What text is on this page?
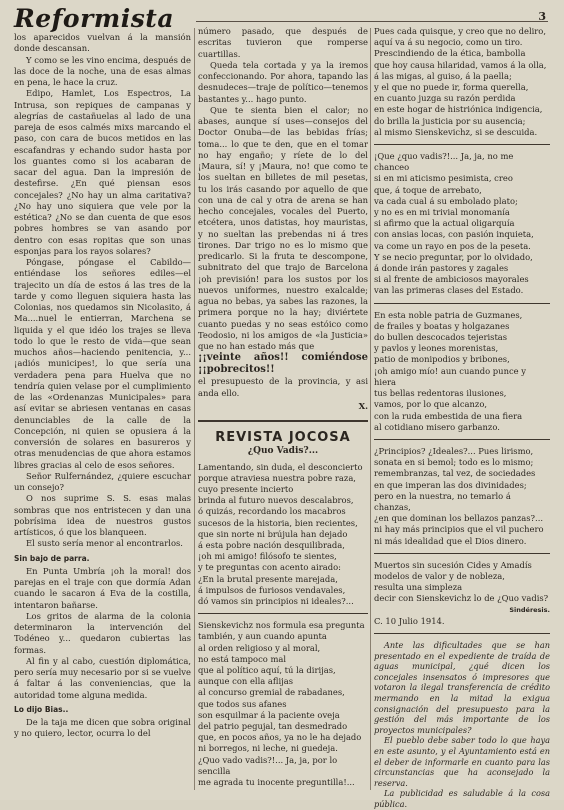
Reformista	3

los aparecidos vuelvan á la mansión donde descansan.

Y como se les vino encima, después de las doce de la noche, una de esas almas en pena, le hace la cruz.

Edipo, Hamlet, Los Espectros, La Intrusa, son repiques de campanas y alegrías de castañuelas al lado de una pareja de esos calmés mixs marcando el paso, con cara de bucos metidos en las escafandras y echando sudor hasta por los guantes como si los acabaran de sacar del agua. Dan la impresión de destefirse. ¿En qué piensan esos concejales? ¿No hay un alma caritativa? ¿No hay uno siquiera que vele por la estética? ¿No se dan cuenta de que esos pobres hombres se van asando por dentro con esas ropitas que son unas esponjas para los rayos solares?

Póngase, póngase el Cabildo—entiéndase los señores ediles—el trajecito un día de estos á las tres de la tarde y como lleguen siquiera hasta las Colonias, nos quedamos sin Nicolasito, á Ma....nuel le entierran, Marchena se liquida y el que idéo los trajes se lleva todo lo que le resto de vida—que sean muchos años—haciendo penitencia, y... ¡adiós municipes!, lo que sería una verdadera pena para Huelva que no tendría quien velase por el cumplimiento de las «Ordenanzas Municipales» para así evitar se abriesen ventanas en casas denunciables de la calle de la Concepción, ni quien se opusiera á la conversión de solares en basureros y otras menudencias de que ahora estamos libres gracias al celo de esos señores.

Señor Rulfernández, ¿quiere escuchar un consejo?

O nos suprime S. S. esas malas sombras que nos entristecen y dan una pobrísima idea de nuestros gustos artísticos, ó que los blanqueen.

El susto sería menor al encontrarlos.

Sin bajo de parra.

En Punta Umbría ¡oh la moral! dos parejas en el traje con que dormía Adan cuando le sacaron á Eva de la costilla, intentaron bañarse.

Los gritos de alarma de la colonia determinaron la intervención del Todéneo y... quedaron cubiertas las formas.

Al fin y al cabo, cuestión diplomática, pero sería muy necesario por si se vuelve á faltar á las conveniencias, que la autoridad tome alguna medida.

Lo dijo Bias..

De la taja me dicen que sobra original y no quiero, lector, ocurra lo del

número pasado, que después de escritas tuvieron que romperse cuartillas.

Queda tela cortada y ya la iremos confeccionando. Por ahora, tapando las desnudeces—traje de político—tenemos bastantes y... hago punto.

Que te sienta bien el calor; no abases, aunque sí uses—consejos del Doctor Onuba—de las bebidas frías; toma... lo que te den, que en el tomar no hay engaño; y ríete de lo del ¡Maura, sí! y ¡Maura, no! que como te los sueltan en billetes de mil pesetas, tu los irás casando por aquello de que con una de cal y otra de arena se han hecho concejales, vocales del Puerto, etcétera, unos datistas, hoy mauristas, y no sueltan las prebendas ni á tres tirones. Dar trigo no es lo mismo que predicarlo. Si la fruta te descompone, subnitrato del que trajo de Barcelona ¡oh previsión! para los sustos por los nuevos uniformes, nuestro exalcalde; agua no bebas, ya sabes las razones, la primera porque no la hay; diviértete cuanto puedas y no seas estóico como Teodosio, ni los amigos de «la Justicia» que no han estado más que

¡¡veinte años!! comiéndose ¡¡pobrecitos!!

el presupuesto de la provincia, y asi anda ello.

X.
REVISTA JOCOSA
¿Quo Vadis?...
Lamentando, sin duda, el desconcierto
porque atraviesa nuestra pobre raza,
cuyo presente incierto
brinda al futuro nuevos descalabros,
ó quizás, recordando los macabros
sucesos de la historia, bien recientes,
que sin norte ni brújula han dejado
á esta pobre nación desquilibrada,
¡oh mi amigo! filósofo te sientes,
y te preguntas con acento airado:
¿En la brutal presente marejada,
á impulsos de furiosos vendavales,
dó vamos sin principios ni ideales?...
Sienskevichz nos formula esa pregunta
también, y aun cuando apunta
al orden religioso y al moral,
no está tampoco mal
que al político aquí, tú la dirijas,
aunque con ella aflijas
al concurso gremial de rabadanes,
que todos sus afanes
son esquilmar á la paciente oveja
del patrio pegujal, tan desmedrado
que, en pocos años, ya no le ha dejado
ni borregos, ni leche, ni guedeja.
¿Quo vado vadis?!... Ja, ja, por lo sencilla
me agrada tu inocente preguntilla!...
Pues cada quisque, y creo que no deliro,
aquí va á su negocio, como un tiro.
Prescindiendo de la ética, bambolla
que hoy causa hilaridad, vamos á la olla,
á las migas, al guiso, á la paella;
y el que no puede ir, forma querella,
en cuanto juzga su razón perdida
en este hogar de histriónica indigencia,
do brilla la justicia por su ausencia;
al mismo Sienskevichz, si se descuida.
¡Que ¿quo vadis?!... Ja, ja, no me chanceo
si en mi aticismo pesimista, creo
que, á toque de arrebato,
va cada cual á su embolado plato;
y no es en mi trivial monomanía
si afirmo que la actual oligarquía
con ansias locas, con pasión inquieta,
va come un rayo en pos de la peseta.
Y se necio preguntar, por lo olvidado,
á donde irán pastores y zagales
si al frente de ambiciosos mayorales
van las primeras clases del Estado.
En esta noble patria de Guzmanes,
de frailes y boatas y holgazanes
do bullen descocados tejeristas
y pavlos y leones morenistas,
patio de monipodios y bribones,
¡oh amigo mío! aun cuando punce y hiera
tus bellas redentoras ilusiones,
vamos, por lo que alcanzo,
con la ruda embestida de una fiera
al cotidiano misero garbanzo.
¿Principios? ¿Ideales?... Pues lirismo,
sonata en si bemol; todo es lo mismo;
remembranzas, tal vez, de sociedades
en que imperan las dos divinidades;
pero en la nuestra, no temarlo á chanzas,
¿en que dominan los bellazos panzas?...
ni hay más principios que el vil puchero
ni más idealidad que el Dios dinero.
Muertos sin sucesión Cides y Amadís
modelos de valor y de nobleza,
resulta una simpleza
decir con Sienskevichz lo de ¿Quo vadis?
Sindéresis.
C. 10 Julio 1914.

Ante las dificultades que se han presentado en el expediente de traída de aguas municipal, ¿qué dicen los concejales insensatos ó impresores que votaron la ilegal transferencia de crédito mermando en la mitad la exigua consignación del presupuesto para la gestión del más importante de los proyectos municipales?

El pueblo debe saber todo lo que haya en este asunto, y el Ayuntamiento está en el deber de informarle en cuanto para las circunstancias que ha aconsejado la reserva.

La publicidad es saludable á la cosa pública.
